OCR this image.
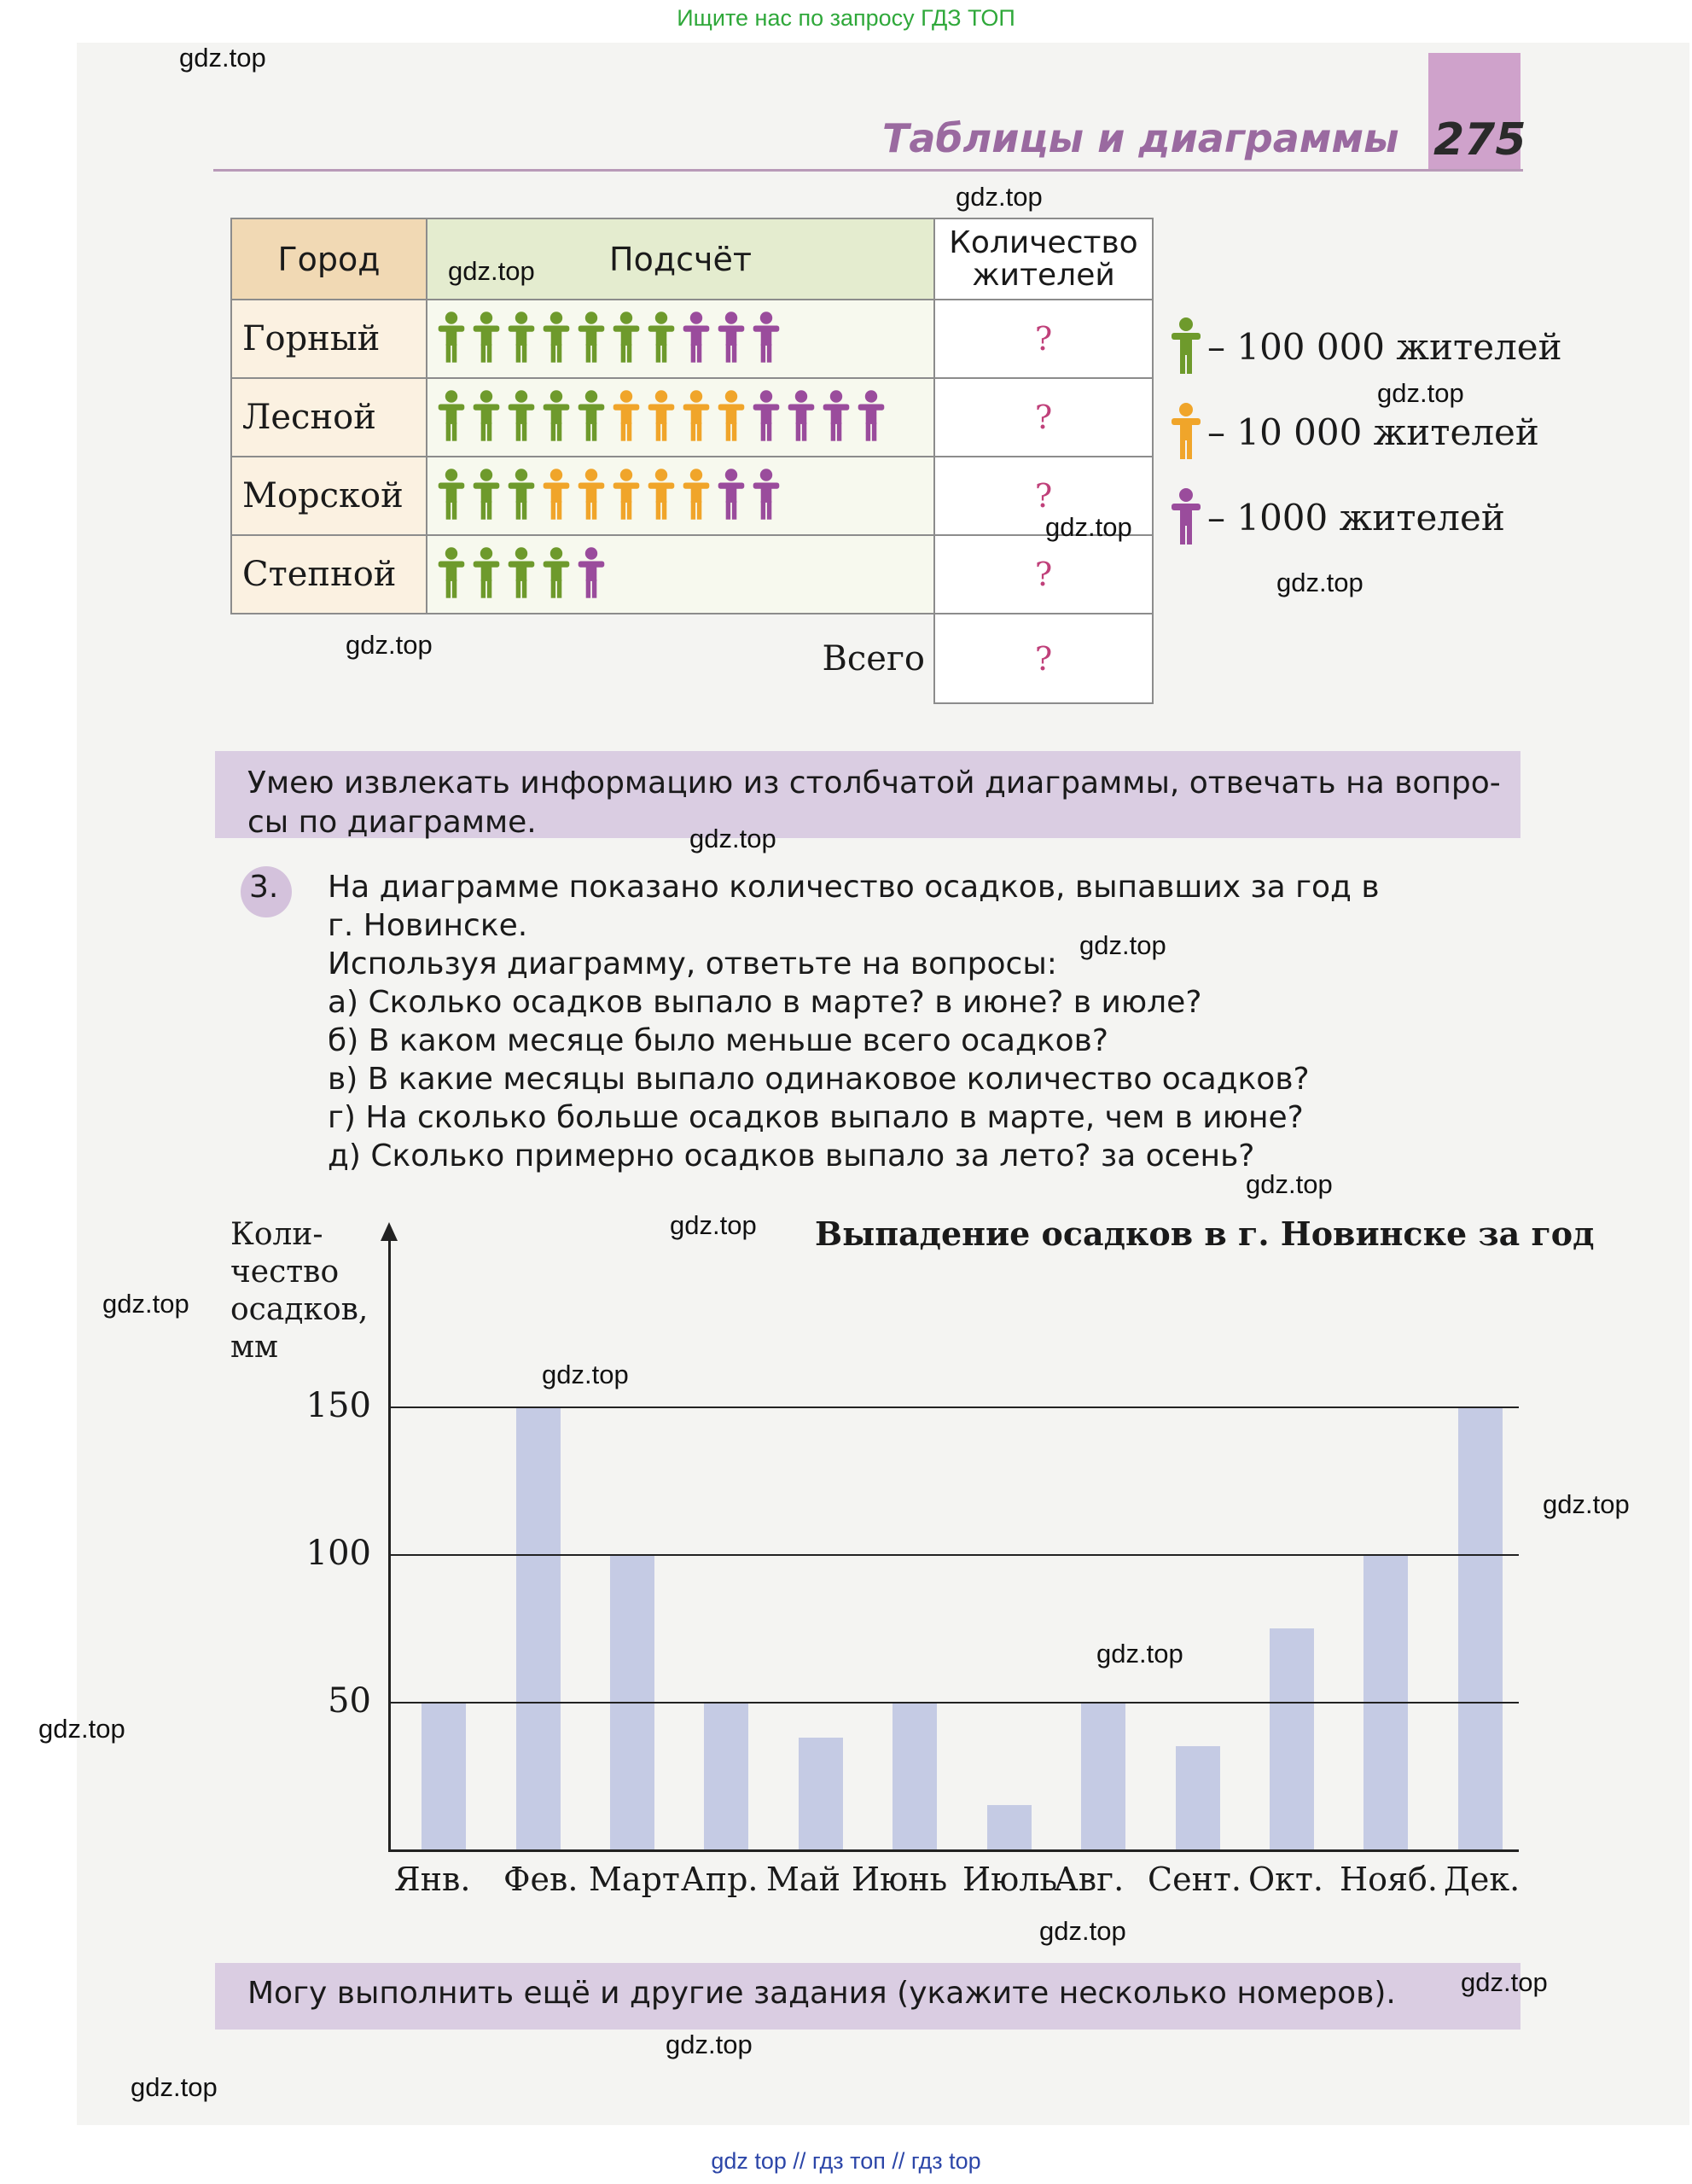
Ищите нас по запросу ГДЗ ТОП
Таблицы и диаграммы 275
Город	Подсчёт	Количество
жителей

Горный		?
Лесной		?
Морской		?
Степной		?
	Всего	?
– 100 000 жителей
– 10 000 жителей
– 1000 жителей
Умею извлекать информацию из столбчатой диаграммы, отвечать на вопро-
сы по диаграмме.
3. На диаграмме показано количество осадков, выпавших за год в
г. Новинске.
Используя диаграмму, ответьте на вопросы:
а) Сколько осадков выпало в марте? в июне? в июле?
б) В каком месяце было меньше всего осадков?
в) В какие месяцы выпало одинаковое количество осадков?
г) На сколько больше осадков выпало в марте, чем в июне?
д) Сколько примерно осадков выпало за лето? за осень?
Коли-
чество
осадков,
мм
Выпадение осадков в г. Новинске за год
50
100
150
Янв. Фев. Март Апр. Май Июнь Июль
Авг. Сент. Окт. Нояб. Дек.
Могу выполнить ещё и другие задания (укажите несколько номеров).
gdz.top
gdz.top
gdz.top
gdz.top
gdz.top
gdz.top
gdz.top
gdz.top
gdz.top
gdz.top
gdz.top
gdz.top
gdz.top
gdz.top
gdz.top
gdz.top
gdz.top
gdz.top
gdz.top
gdz.top
gdz top // гдз топ // гдз top
